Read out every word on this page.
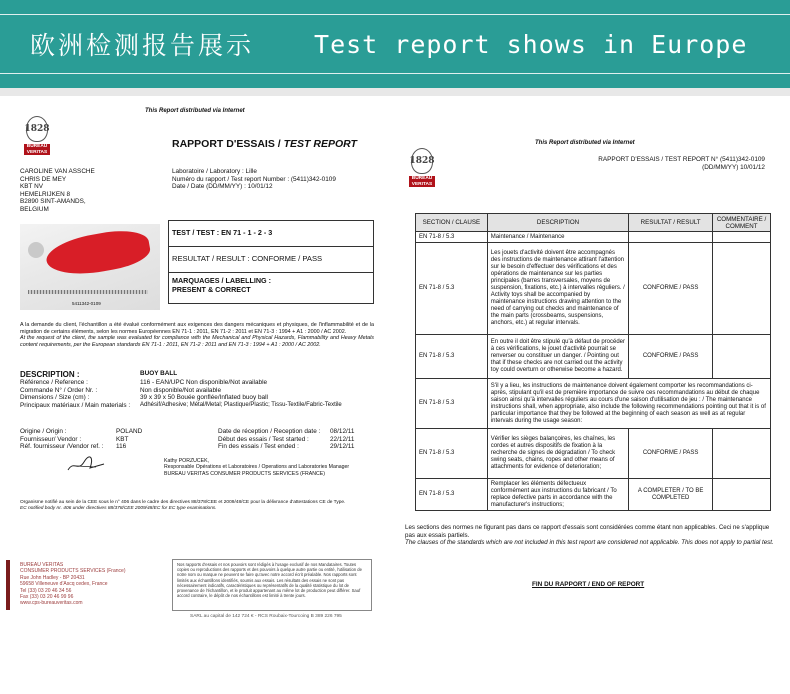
欧洲检测报告展示 Test report shows in Europe
This Report distributed via Internet
1828
BUREAU VERITAS
RAPPORT D'ESSAIS / TEST REPORT
CAROLINE VAN ASSCHE
CHRIS DE MEY
KBT NV
HEMELRIJKEN 8
B2890 SINT-AMANDS,
BELGIUM
Laboratoire / Laboratory : Lille
Numéro du rapport / Test report Number : (5411)342-0109
Date / Date (DD/MM/YY) : 10/01/12
5411342-0109
TEST / TEST : EN 71 - 1 - 2 - 3
RESULTAT / RESULT : CONFORME / PASS
MARQUAGES / LABELLING :
PRESENT & CORRECT
A la demande du client, l'échantillon a été évalué conformément aux exigences des dangers mécaniques et physiques, de l'inflammabilité et de la migration de certains éléments, selon les normes Européennes EN 71-1 : 2011, EN 71-2 : 2011 et EN 71-3 : 1994 + A1 : 2000 / AC 2002.
At the request of the client, the sample was evaluated for compliance with the Mechanical and Physical Hazards, Flammability and Heavy Metals content requirements, per the European standards EN 71-1 : 2011, EN 71-2 : 2011 and EN 71-3 : 1994 + A1 : 2000 / AC 2002.
DESCRIPTION :	BUOY BALL
Référence / Reference :	116 - EAN/UPC Non disponible/Not available
Commande N° / Order Nr. :	Non disponible/Not available
Dimensions / Size (cm) :	39 x 39 x 50 Bouée gonflée/Inflated buoy ball
Principaux matériaux / Main materials :	Adhésif/Adhesive; Métal/Metal; Plastique/Plastic; Tissu-Textile/Fabric-Textile
Origine / Origin :	POLAND
Fournisseur/ Vendor :	KBT
Réf. fournisseur /Vendor ref. :	116
Date de réception / Reception date :	08/12/11
Début des essais / Test started :	22/12/11
Fin des essais / Test ended :	29/12/11
Kathy PORZUCEK,
Responsable Opérations et Laboratoires / Operations and Laboratories Manager
BUREAU VERITAS CONSUMER PRODUCTS SERVICES (FRANCE)
Organisme notifié au sein de la CEE sous le n° 406 dans le cadre des directives 88/378/CEE et 2009/48/CE pour la délivrance d'attestations CE de Type.
EC notified body nr. 406 under directives 88/378/CEE 2009/48/EC for EC type examinations.
BUREAU VERITAS
CONSUMER PRODUCTS SERVICES (France)
Rue John Hadley - BP 20431
59658 Villeneuve d'Ascq cedex, France
Tel (33) 03 20 46 34 56
Fax (33) 03 20 46 99 96
www.cps-bureauveritas.com
Nos rapports d'essais et nos pouvoirs sont rédigés à l'usage exclusif de nos Mandataires. Toutes copies ou reproductions des rapports et des pouvoirs à quelque autre partie ou entité, l'utilisation de notre nom ou marque ne peuvent se faire qu'avec notre accord écrit préalable. Nos rapports sont limités aux échantillons identifiés, soumis aux essais. Les résultats des essais ne sont pas nécessairement indicatifs, caractéristiques ou représentatifs de la qualité statistique du lot de provenance de l'échantillon, et le produit appartenant au même lot de production peut différer. Sauf accord contraire, le dépôt de nos échantillons est limité à trente jours.
SARL au capital de 142 724 € - RCS Roubaix-Tourcoing B 389 226 795
This Report distributed via Internet
1828
BUREAU VERITAS
RAPPORT D'ESSAIS / TEST REPORT N° (5411)342-0109
(DD/MM/YY) 10/01/12
SECTION / CLAUSE	DESCRIPTION	RESULTAT / RESULT	COMMENTAIRE / COMMENT
EN 71-8 / 5.3	Maintenance / Maintenance		
EN 71-8 / 5.3	Les jouets d'activité doivent être accompagnés des instructions de maintenance attirant l'attention sur le besoin d'effectuer des vérifications et des opérations de maintenance sur les parties principales (barres transversales, moyens de suspension, fixations, etc.) à intervalles réguliers. / Activity toys shall be accompanied by maintenance instructions drawing attention to the need of carrying out checks and maintenance of the main parts (crossbeams, suspensions, anchors, etc.) at regular intervals.	CONFORME / PASS	
EN 71-8 / 5.3	En outre il doit être stipulé qu'à défaut de procéder à ces vérifications, le jouet d'activité pourrait se renverser ou constituer un danger. / Pointing out that if these checks are not carried out the activity toy could overturn or otherwise become a hazard.	CONFORME / PASS	
EN 71-8 / 5.3	S'il y a lieu, les instructions de maintenance doivent également comporter les recommandations ci-après, stipulant qu'il est de première importance de suivre ces recommandations au début de chaque saison ainsi qu'à intervalles réguliers au cours d'une saison d'utilisation de jeu : / The maintenance instructions shall, when appropriate, also include the following recommendations pointing out that it is of particular importance that they be followed at the beginning of each season as well as at regular intervals during the usage season:		
EN 71-8 / 5.3	Vérifier les sièges balançoires, les chaînes, les cordes et autres dispositifs de fixation à la recherche de signes de dégradation / To check swing seats, chains, ropes and other means of attachments for evidence of deterioration;	CONFORME / PASS	
EN 71-8 / 5.3	Remplacer les éléments défectueux conformément aux instructions du fabricant / To replace defective parts in accordance with the manufacturer's instructions;	A COMPLETER / TO BE COMPLETED	
Les sections des normes ne figurant pas dans ce rapport d'essais sont considérées comme étant non applicables. Ceci ne s'applique pas aux essais partiels.
The clauses of the standards which are not included in this test report are considered not applicable. This does not apply to partial test.
FIN DU RAPPORT / END OF REPORT
